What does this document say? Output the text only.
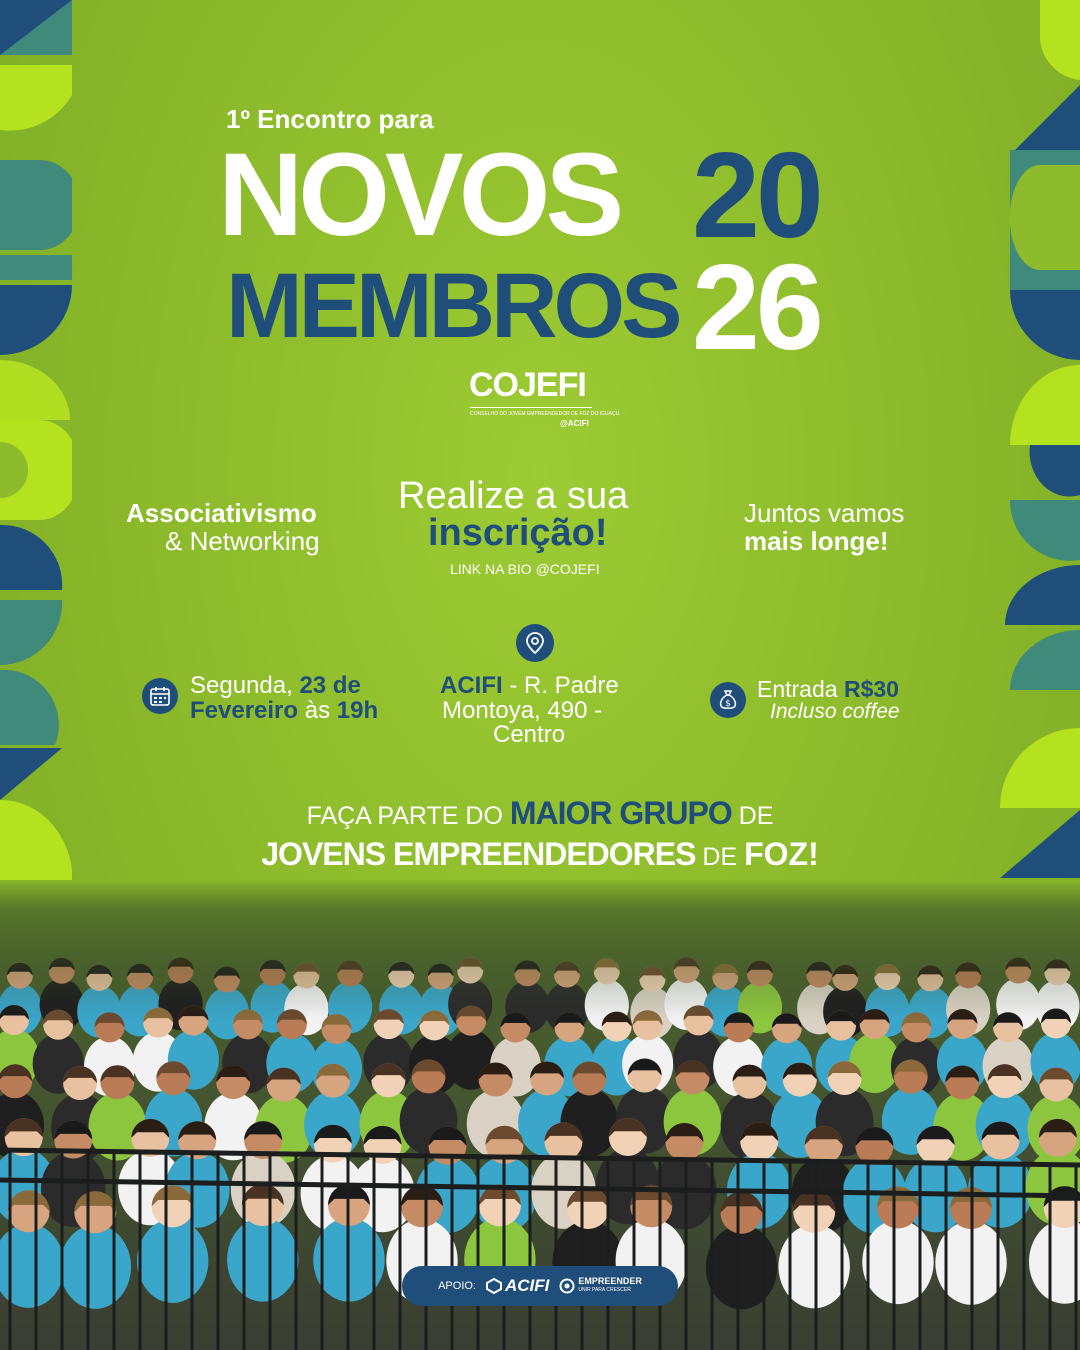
1º Encontro para
NOVOS
MEMBROS
20
26
COJEFI
CONSELHO DO JOVEM EMPREENDEDOR DE FOZ DO IGUAÇU
@ACIFI
Associativismo
& Networking
Realize a sua
inscrição!
LINK NA BIO @COJEFI
Juntos vamos
mais longe!
Segunda, 23 de
Fevereiro às 19h
ACIFI - R. Padre
Montoya, 490 -
Centro
$
Entrada R$30
Incluso coffee
FAÇA PARTE DO MAIOR GRUPO DE
JOVENS EMPREENDEDORES DE FOZ!
APOIO: ACIFI	EMPREENDER
UNIR PARA CRESCER
